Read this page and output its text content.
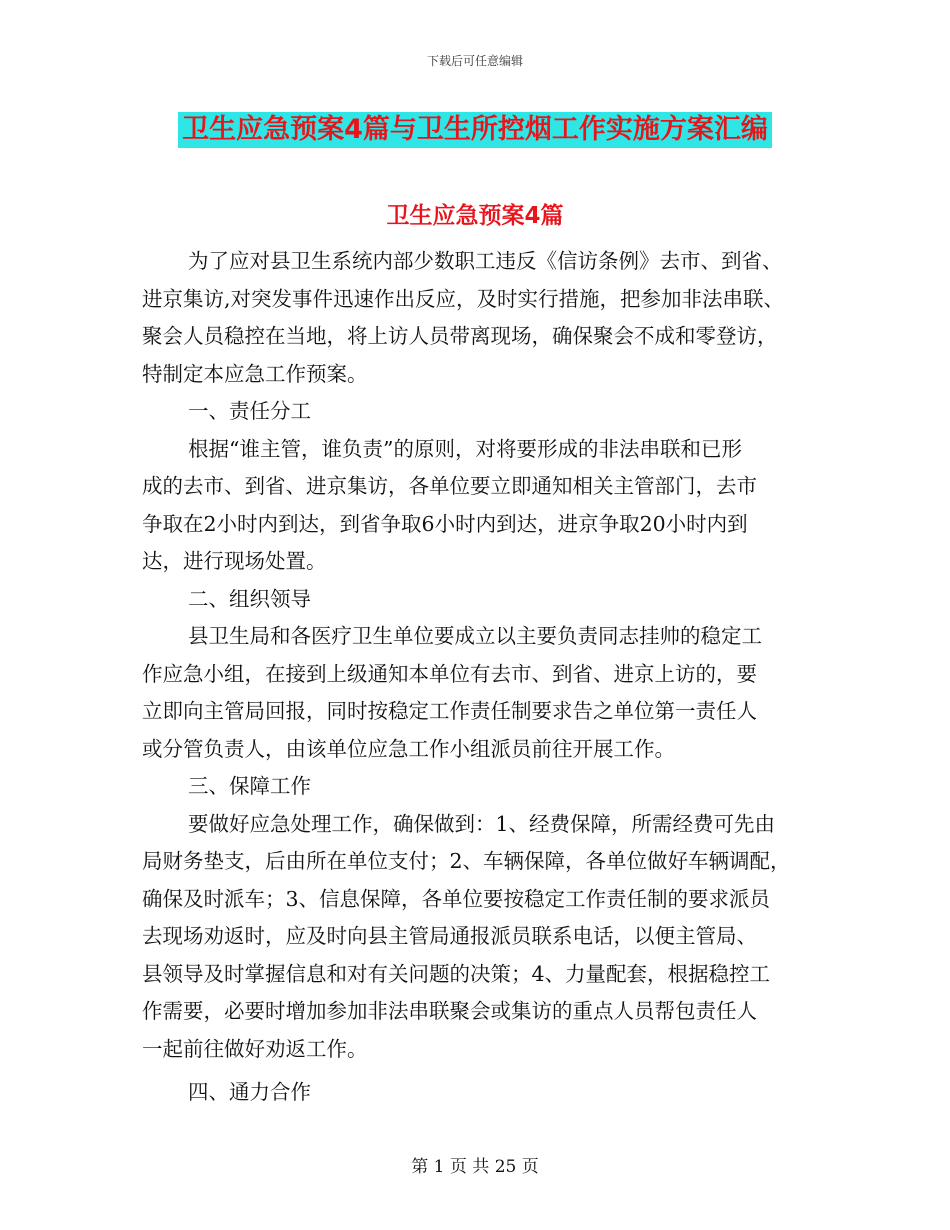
下载后可任意编辑
卫生应急预案4篇与卫生所控烟工作实施方案汇编
卫生应急预案4篇
为了应对县卫生系统内部少数职工违反《信访条例》去市、到省、
进京集访,对突发事件迅速作出反应，及时实行措施，把参加非法串联、
聚会人员稳控在当地，将上访人员带离现场，确保聚会不成和零登访，
特制定本应急工作预案。
一、责任分工
根据“谁主管，谁负责”的原则，对将要形成的非法串联和已形
成的去市、到省、进京集访，各单位要立即通知相关主管部门，去市
争取在2小时内到达，到省争取6小时内到达，进京争取20小时内到
达，进行现场处置。
二、组织领导
县卫生局和各医疗卫生单位要成立以主要负责同志挂帅的稳定工
作应急小组，在接到上级通知本单位有去市、到省、进京上访的，要
立即向主管局回报，同时按稳定工作责任制要求告之单位第一责任人
或分管负责人，由该单位应急工作小组派员前往开展工作。
三、保障工作
要做好应急处理工作，确保做到：1、经费保障，所需经费可先由
局财务垫支，后由所在单位支付；2、车辆保障，各单位做好车辆调配，
确保及时派车；3、信息保障，各单位要按稳定工作责任制的要求派员
去现场劝返时，应及时向县主管局通报派员联系电话，以便主管局、
县领导及时掌握信息和对有关问题的决策；4、力量配套，根据稳控工
作需要，必要时增加参加非法串联聚会或集访的重点人员帮包责任人
一起前往做好劝返工作。
四、通力合作
第 1 页 共 25 页
